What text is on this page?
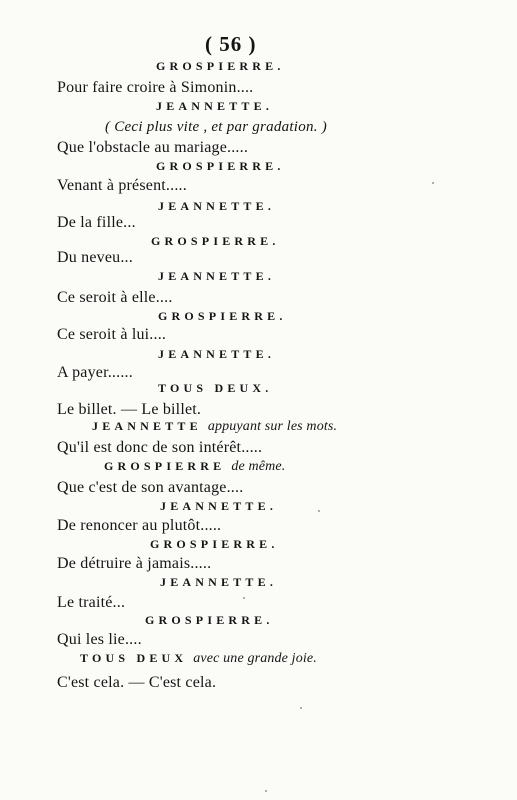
( 56 )
GROSPIERRE.
Pour faire croire à Simonin....
JEANNETTE.
( Ceci plus vite , et par gradation. )
Que l'obstacle au mariage.....
GROSPIERRE.
Venant à présent.....
JEANNETTE.
De la fille...
GROSPIERRE.
Du neveu...
JEANNETTE.
Ce seroit à elle....
GROSPIERRE.
Ce seroit à lui....
JEANNETTE.
A payer......
TOUS DEUX.
Le billet. — Le billet.
JEANNETTE appuyant sur les mots.
Qu'il est donc de son intérêt.....
GROSPIERRE de même.
Que c'est de son avantage....
JEANNETTE.
De renoncer au plutôt.....
GROSPIERRE.
De détruire à jamais.....
JEANNETTE.
Le traité...
GROSPIERRE.
Qui les lie....
TOUS DEUX avec une grande joie.
C'est cela. — C'est cela.
